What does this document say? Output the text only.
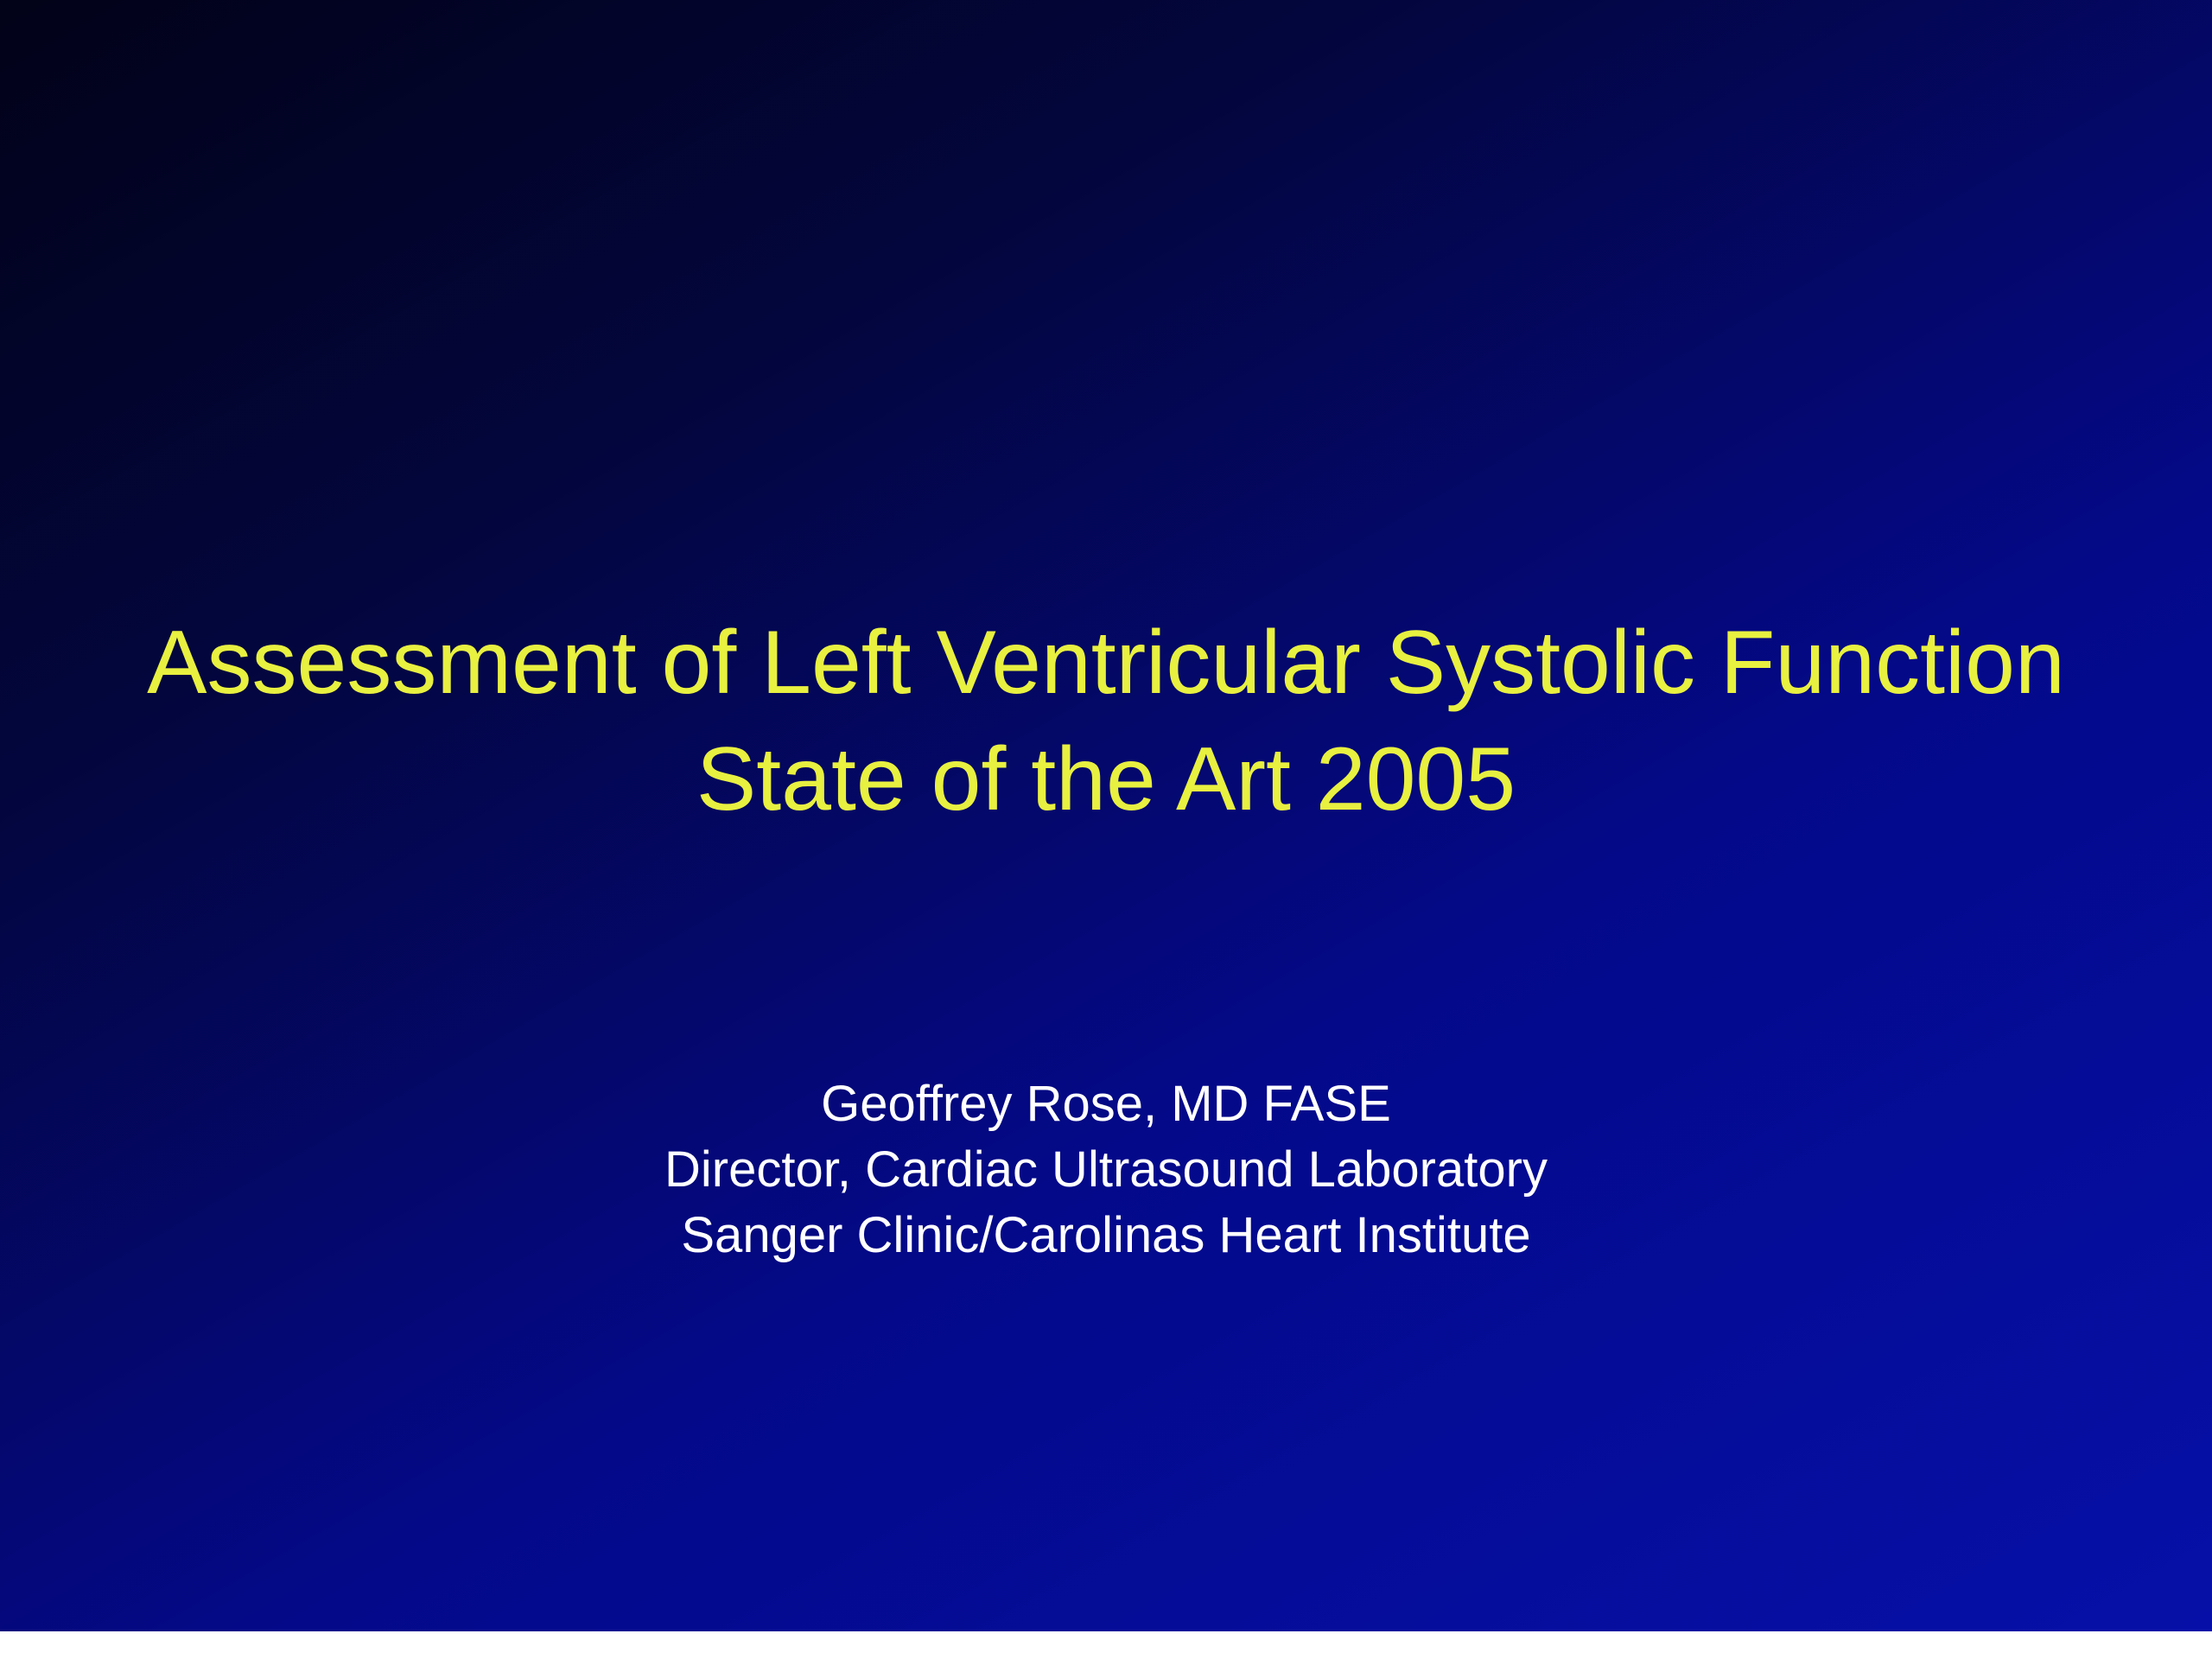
Assessment of Left Ventricular Systolic Function
State of the Art 2005
Geoffrey Rose, MD FASE
Director, Cardiac Ultrasound Laboratory
Sanger Clinic/Carolinas Heart Institute
